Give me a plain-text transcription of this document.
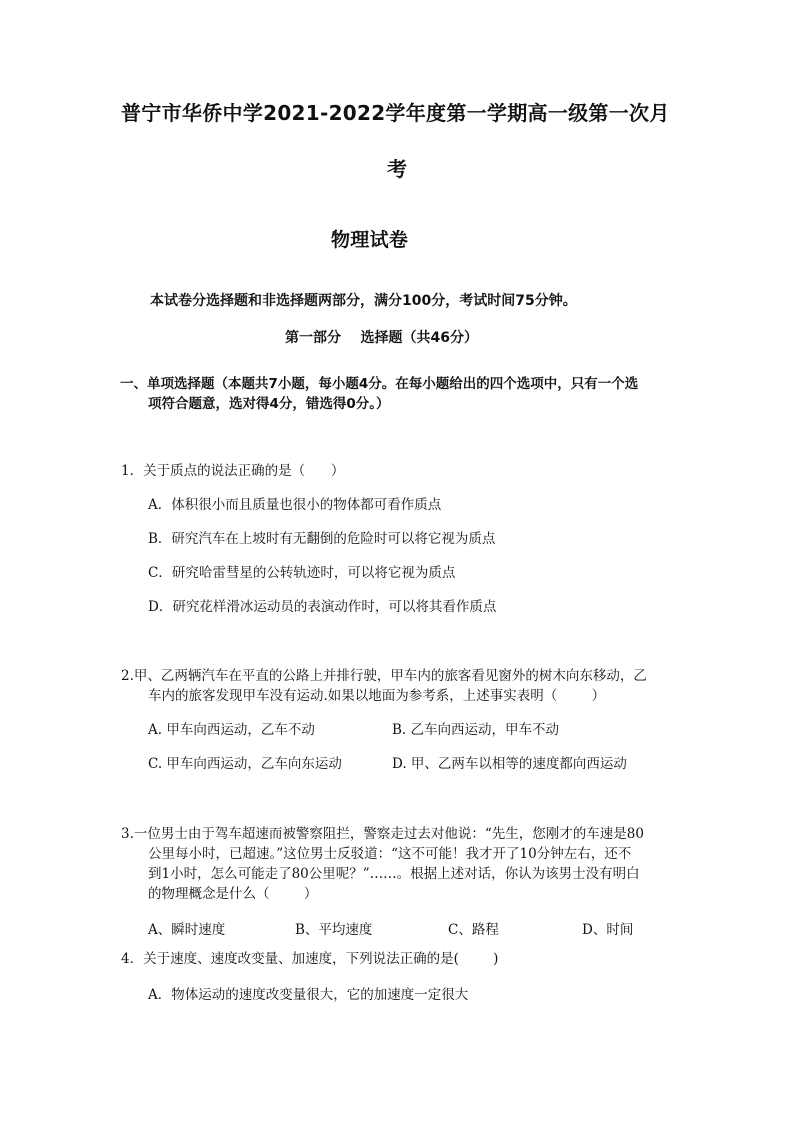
普宁市华侨中学2021-2022学年度第一学期高一级第一次月
考
物理试卷
本试卷分选择题和非选择题两部分，满分100分，考试时间75分钟。
第一部分    选择题（共46分）
一、单项选择题（本题共7小题，每小题4分。在每小题给出的四个选项中，只有一个选
项符合题意，选对得4分，错选得0分。）
1．关于质点的说法正确的是（      ）
A．体积很小而且质量也很小的物体都可看作质点
B．研究汽车在上坡时有无翻倒的危险时可以将它视为质点
C．研究哈雷彗星的公转轨迹时，可以将它视为质点
D．研究花样滑冰运动员的表演动作时，可以将其看作质点
2.甲、乙两辆汽车在平直的公路上并排行驶，甲车内的旅客看见窗外的树木向东移动，乙
车内的旅客发现甲车没有运动.如果以地面为参考系，上述事实表明（        ）
A. 甲车向西运动，乙车不动	B. 乙车向西运动，甲车不动
C. 甲车向西运动，乙车向东运动	D. 甲、乙两车以相等的速度都向西运动
3.一位男士由于驾车超速而被警察阻拦，警察走过去对他说：“先生，您刚才的车速是80
公里每小时，已超速。”这位男士反驳道：“这不可能！我才开了10分钟左右，还不
到1小时，怎么可能走了80公里呢？”……。根据上述对话，你认为该男士没有明白
的物理概念是什么（        ）
A、瞬时速度	B、平均速度	C、路程	D、时间
4．关于速度、速度改变量、加速度，下列说法正确的是(        )
A．物体运动的速度改变量很大，它的加速度一定很大
